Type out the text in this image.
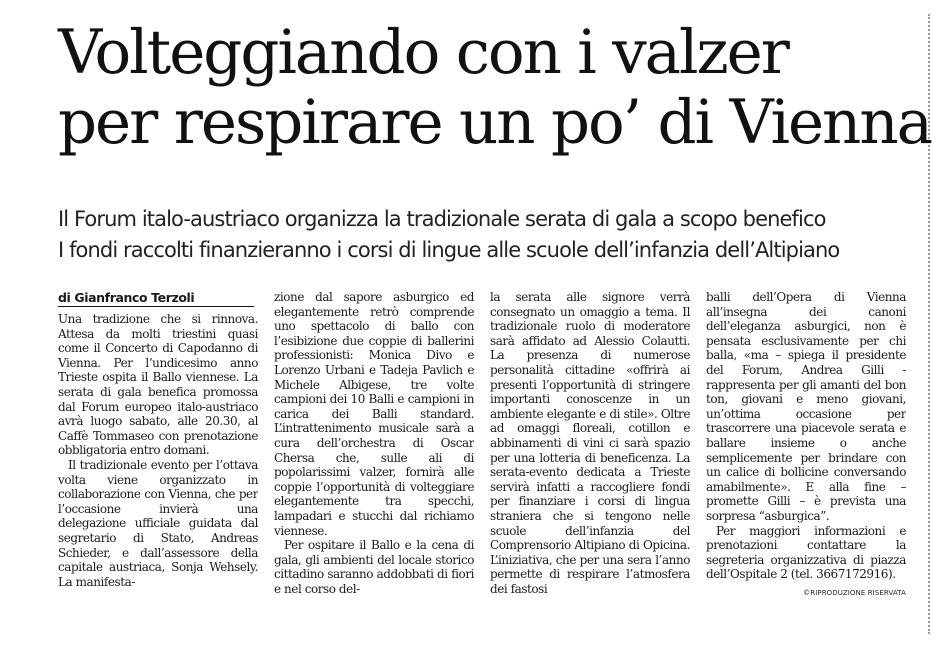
Volteggiando con i valzer
per respirare un po’ di Vienna
Il Forum italo-austriaco organizza la tradizionale serata di gala a scopo benefico
I fondi raccolti finanzieranno i corsi di lingue alle scuole dell’infanzia dell’Altipiano
di Gianfranco Terzoli

Una tradizione che si rinnova. Attesa da molti triestini quasi come il Concerto di Capodanno di Vienna. Per l’undicesimo anno Trieste ospita il Ballo viennese. La serata di gala benefica promossa dal Forum europeo italo-austriaco avrà luogo sabato, alle 20.30, al Caffè Tommaseo con prenotazione obbligatoria entro domani.

Il tradizionale evento per l’ottava volta viene organizzato in collaborazione con Vienna, che per l’occasione invierà una delegazione ufficiale guidata dal segretario di Stato, Andreas Schieder, e dall’assessore della capitale austriaca, Sonja Wehsely. La manifesta-

zione dal sapore asburgico ed elegantemente retrò comprende uno spettacolo di ballo con l’esibizione due coppie di ballerini professionisti: Monica Divo e Lorenzo Urbani e Tadeja Pavlich e Michele Albigese, tre volte campioni dei 10 Balli e campioni in carica dei Balli standard. L’intrattenimento musicale sarà a cura dell’orchestra di Oscar Chersa che, sulle ali di popolarissimi valzer, fornirà alle coppie l’opportunità di volteggiare elegantemente tra specchi, lampadari e stucchi dal richiamo viennese.

Per ospitare il Ballo e la cena di gala, gli ambienti del locale storico cittadino saranno addobbati di fiori e nel corso del-

la serata alle signore verrà consegnato un omaggio a tema. Il tradizionale ruolo di moderatore sarà affidato ad Alessio Colautti. La presenza di numerose personalità cittadine «offrirà ai presenti l’opportunità di stringere importanti conoscenze in un ambiente elegante e di stile». Oltre ad omaggi floreali, cotillon e abbinamenti di vini ci sarà spazio per una lotteria di beneficenza. La serata-evento dedicata a Trieste servirà infatti a raccogliere fondi per finanziare i corsi di lingua straniera che si tengono nelle scuole dell’infanzia del Comprensorio Altipiano di Opicina. L’iniziativa, che per una sera l’anno permette di respirare l’atmosfera dei fastosi

balli dell’Opera di Vienna all’insegna dei canoni dell’eleganza asburgici, non è pensata esclusivamente per chi balla, «ma – spiega il presidente del Forum, Andrea Gilli - rappresenta per gli amanti del bon ton, giovani e meno giovani, un’ottima occasione per trascorrere una piacevole serata e ballare insieme o anche semplicemente per brindare con un calice di bollicine conversando amabilmente». E alla fine – promette Gilli – è prevista una sorpresa “asburgica”.

Per maggiori informazioni e prenotazioni contattare la segreteria organizzativa di piazza dell’Ospitale 2 (tel. 3667172916).

©RIPRODUZIONE RISERVATA
